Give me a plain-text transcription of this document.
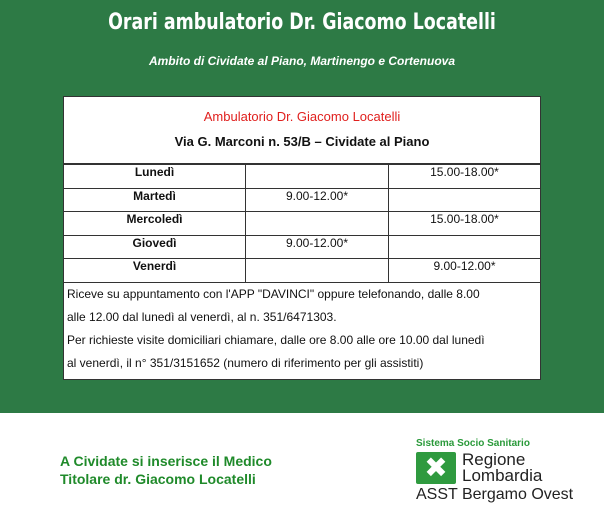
Orari ambulatorio Dr. Giacomo Locatelli
Ambito di Cividate al Piano, Martinengo e Cortenuova
Ambulatorio Dr. Giacomo Locatelli
Via G. Marconi n. 53/B – Cividate al Piano
Lunedì		15.00-18.00*
Martedì	9.00-12.00*	
Mercoledì		15.00-18.00*
Giovedì	9.00-12.00*	
Venerdì		9.00-12.00*
Riceve su appuntamento con l'APP "DAVINCI" oppure telefonando, dalle 8.00
alle 12.00 dal lunedì al venerdì, al n. 351/6471303.
Per richieste visite domiciliari chiamare, dalle ore 8.00 alle ore 10.00 dal lunedì
al venerdì, il n° 351/3151652 (numero di riferimento per gli assistiti)
A Cividate si inserisce il Medico
Titolare dr. Giacomo Locatelli
Sistema Socio Sanitario
✖ Regione
Lombardia
ASST Bergamo Ovest
